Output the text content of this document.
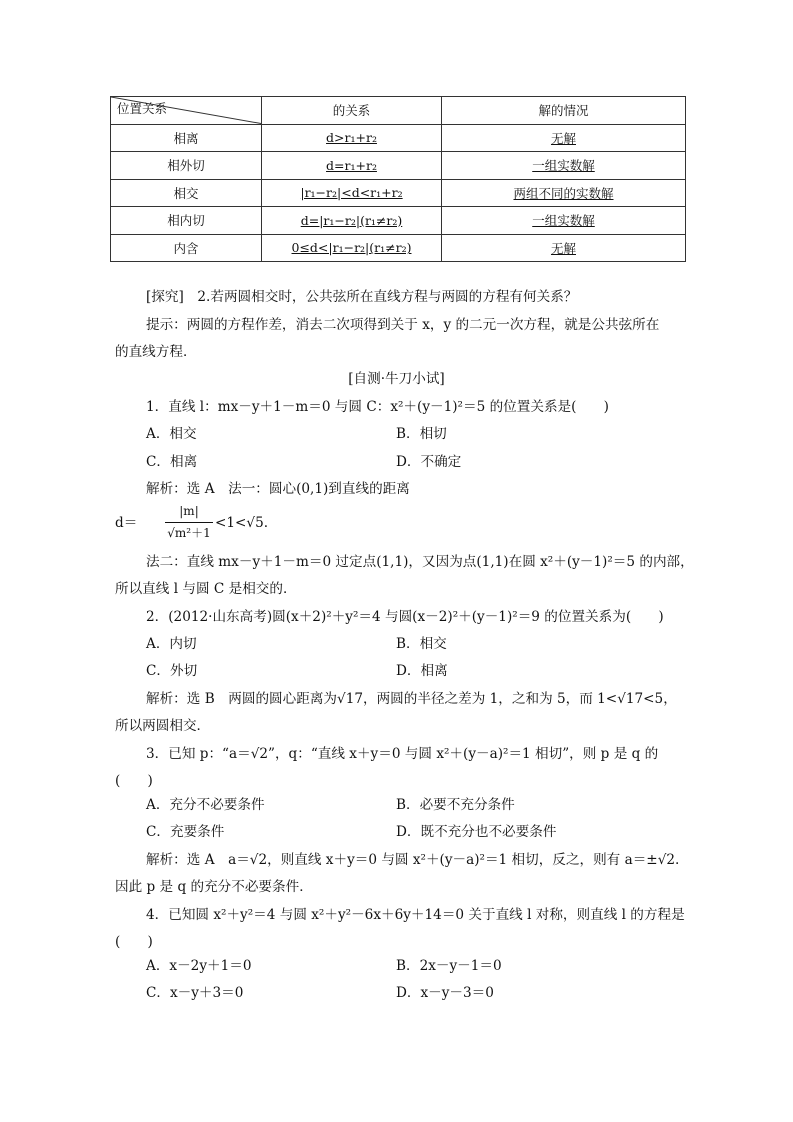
位置关系	的关系	解的情况
相离	d>r₁+r₂	无解
相外切	d=r₁+r₂	一组实数解
相交	|r₁−r₂|<d<r₁+r₂	两组不同的实数解
相内切	d=|r₁−r₂|(r₁≠r₂)	一组实数解
内含	0≤d<|r₁−r₂|(r₁≠r₂)	无解
[探究]　2.若两圆相交时，公共弦所在直线方程与两圆的方程有何关系？
提示：两圆的方程作差，消去二次项得到关于 x，y 的二元一次方程，就是公共弦所在
的直线方程．
[自测·牛刀小试]
1．直线 l：mx－y＋1－m＝0 与圆 C：x²＋(y－1)²＝5 的位置关系是(　　)
A．相交	B．相切
C．相离	D．不确定
解析：选 A　法一：圆心(0,1)到直线的距离
d＝
|m|
√m²＋1
<1<√5.
法二：直线 mx－y＋1－m＝0 过定点(1,1)，又因为点(1,1)在圆 x²＋(y－1)²＝5 的内部，
所以直线 l 与圆 C 是相交的．
2．(2012·山东高考)圆(x＋2)²＋y²＝4 与圆(x－2)²＋(y－1)²＝9 的位置关系为(　　)
A．内切	B．相交
C．外切	D．相离
解析：选 B　两圆的圆心距离为√17，两圆的半径之差为 1，之和为 5，而 1<√17<5，
所以两圆相交．
3．已知 p：“a＝√2”，q：“直线 x＋y＝0 与圆 x²＋(y－a)²＝1 相切”，则 p 是 q 的
(　　)
A．充分不必要条件	B．必要不充分条件
C．充要条件	D．既不充分也不必要条件
解析：选 A　a＝√2，则直线 x＋y＝0 与圆 x²＋(y－a)²＝1 相切，反之，则有 a＝±√2.
因此 p 是 q 的充分不必要条件．
4．已知圆 x²＋y²＝4 与圆 x²＋y²－6x＋6y＋14＝0 关于直线 l 对称，则直线 l 的方程是
(　　)
A．x－2y＋1＝0	B．2x－y－1＝0
C．x－y＋3＝0	D．x－y－3＝0
